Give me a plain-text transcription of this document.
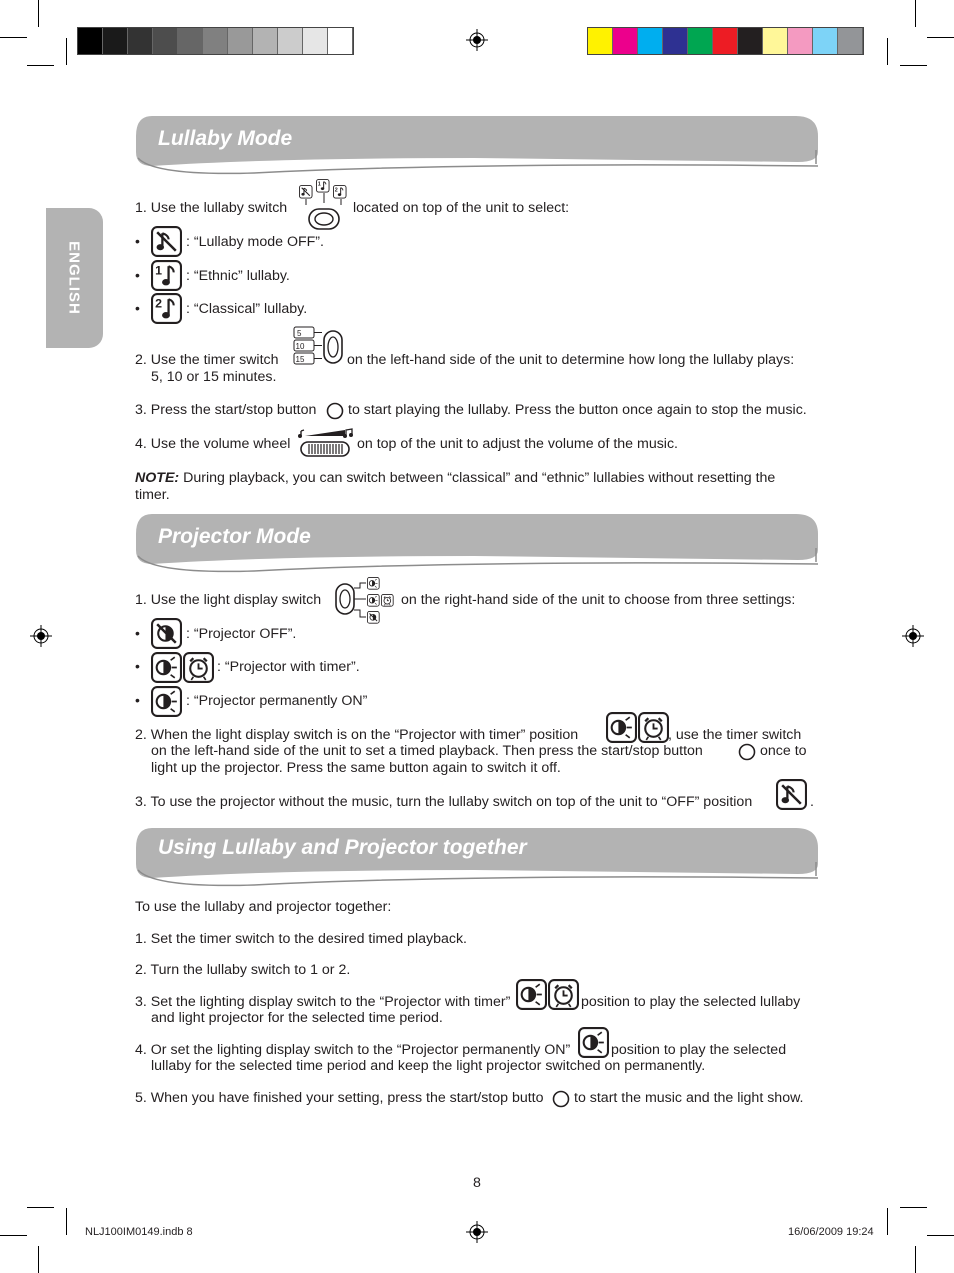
ENGLISH
Lullaby Mode
1. Use the lullaby switch	located on top of the unit to select:
•	: “Lullaby mode OFF”.
•	: “Ethnic” lullaby.
•	: “Classical” lullaby.
2. Use the timer switch
5
10
15	on the left-hand side of the unit to determine how long the lullaby plays:
5, 10 or 15 minutes.
3. Press the start/stop button to start playing the lullaby. Press the button once again to stop the music.
4. Use the volume wheel	on top of the unit to adjust the volume of the music.
NOTE: During playback, you can switch between “classical” and “ethnic” lullabies without resetting the
timer.
Projector Mode
1. Use the light display switch	on the right-hand side of the unit to choose from three settings:
•	: “Projector OFF”.
•	: “Projector with timer”.
•	: “Projector permanently ON”
2. When the light display switch is on the “Projector with timer” position	, use the timer switch
on the left-hand side of the unit to set a timed playback. Then press the start/stop button	once to
light up the projector. Press the same button again to switch it off.
3. To use the projector without the music, turn the lullaby switch on top of the unit to “OFF” position	.
Using Lullaby and Projector together
To use the lullaby and projector together:
1. Set the timer switch to the desired timed playback.
2. Turn the lullaby switch to 1 or 2.
3. Set the lighting display switch to the “Projector with timer”	position to play the selected lullaby
and light projector for the selected time period.
4. Or set the lighting display switch to the “Projector permanently ON”	position to play the selected
lullaby for the selected time period and keep the light projector switched on permanently.
5. When you have finished your setting, press the start/stop butto to start the music and the light show.
8
NLJ100IM0149.indb 8	16/06/2009 19:24
